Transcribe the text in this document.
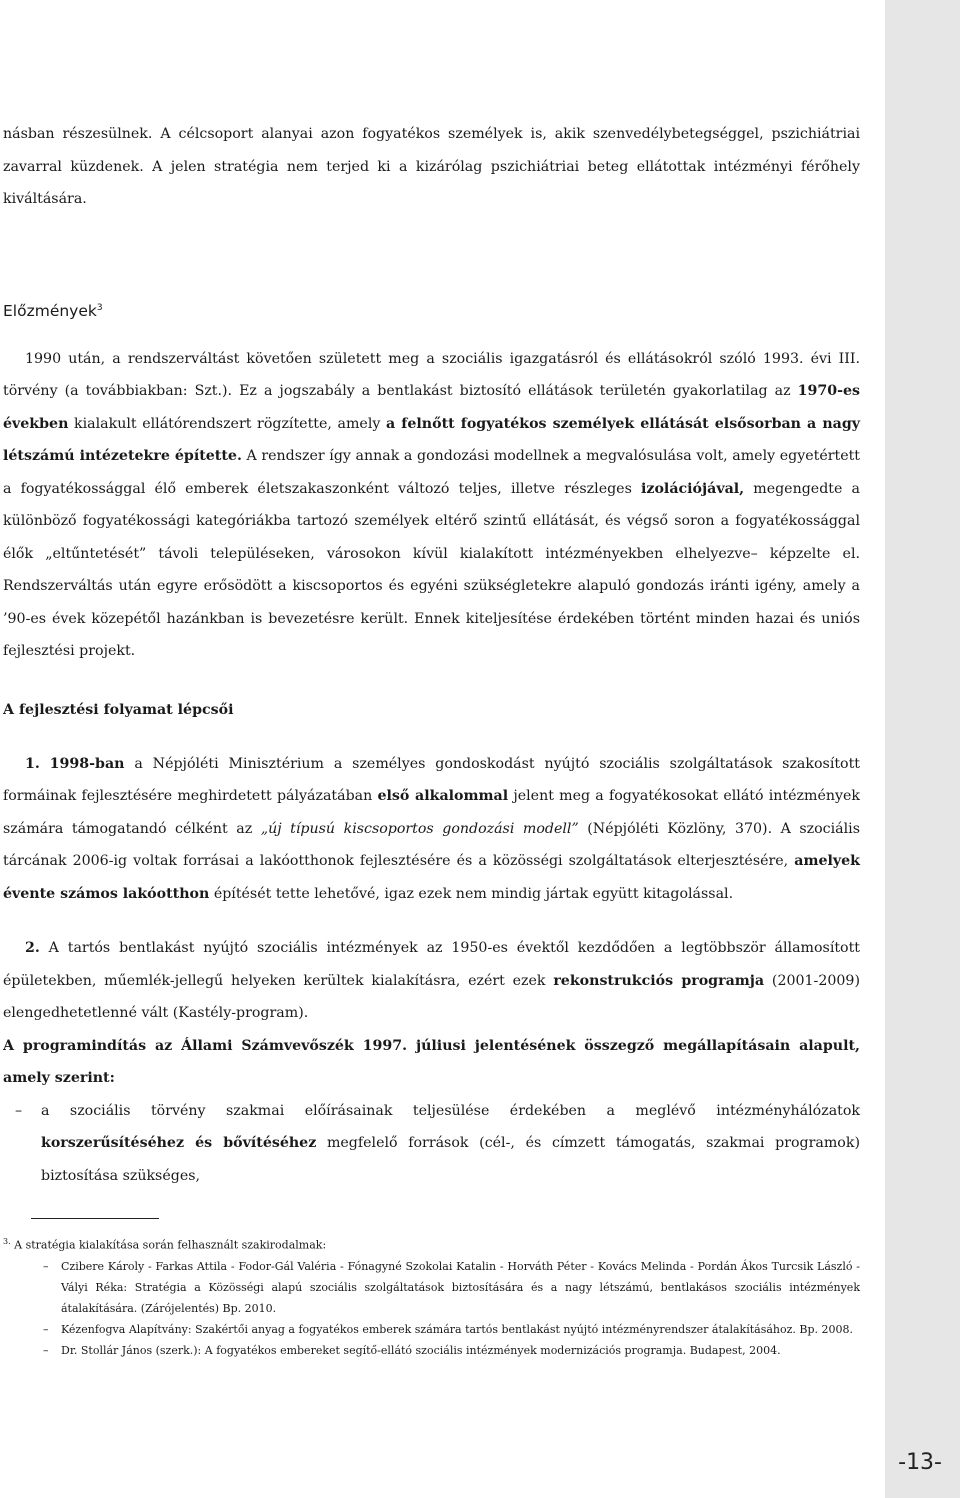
-13-

násban részesülnek. A célcsoport alanyai azon fogyatékos személyek is, akik szenvedélybetegséggel, pszichiátriai zavarral küzdenek. A jelen stratégia nem terjed ki a kizárólag pszichiátriai beteg ellátottak intézményi férőhely kiváltására.

Előzmények$^3$

1990 után, a rendszerváltást követően született meg a szociális igazgatásról és ellátásokról szóló 1993. évi III. törvény (a továbbiakban: Szt.). Ez a jogszabály a bentlakást biztosító ellátások területén gyakorlatilag az 1970-es években kialakult ellátórendszert rögzítette, amely a felnőtt fogyatékos személyek ellátását elsősorban a nagy létszámú intézetekre építette. A rendszer így annak a gondozási modellnek a megvalósulása volt, amely egyetértett a fogyatékossággal élő emberek életszakaszonként változó teljes, illetve részleges izolációjával, megengedte a különböző fogyatékossági kategóriákba tartozó személyek eltérő szintű ellátását, és végső soron a fogyatékossággal élők „eltűntetését” távoli településeken, városokon kívül kialakított intézményekben elhelyezve– képzelte el. Rendszerváltás után egyre erősödött a kiscsoportos és egyéni szükségletekre alapuló gondozás iránti igény, amely a ’90-es évek közepétől hazánkban is bevezetésre került. Ennek kiteljesítése érdekében történt minden hazai és uniós fejlesztési projekt.

A fejlesztési folyamat lépcsői

1. 1998-ban a Népjóléti Minisztérium a személyes gondoskodást nyújtó szociális szolgáltatások szakosított formáinak fejlesztésére meghirdetett pályázatában első alkalommal jelent meg a fogyatékosokat ellátó intézmények számára támogatandó célként az „új típusú kiscsoportos gondozási modell” (Népjóléti Közlöny, 370). A szociális tárcának 2006-ig voltak forrásai a lakóotthonok fejlesztésére és a közösségi szolgáltatások elterjesztésére, amelyek évente számos lakóotthon építését tette lehetővé, igaz ezek nem mindig jártak együtt kitagolással.

2. A tartós bentlakást nyújtó szociális intézmények az 1950-es évektől kezdődően a legtöbbször államosított épületekben, műemlék-jellegű helyeken kerültek kialakításra, ezért ezek rekonstrukciós programja (2001-2009) elengedhetetlenné vált (Kastély-program).

A programindítás az Állami Számvevőszék 1997. júliusi jelentésének összegző megállapításain alapult, amely szerint:

– a szociális törvény szakmai előírásainak teljesülése érdekében a meglévő intézményhálózatok korszerűsítéséhez és bővítéséhez megfelelő források (cél-, és címzett támogatás, szakmai programok) biztosítása szükséges,
$^{3.}$ A stratégia kialakítása során felhasznált szakirodalmak:
– Czibere Károly - Farkas Attila - Fodor-Gál Valéria - Fónagyné Szokolai Katalin - Horváth Péter - Kovács Melinda - Pordán Ákos Turcsik László - Vályi Réka: Stratégia a Közösségi alapú szociális szolgáltatások biztosítására és a nagy létszámú, bentlakásos szociális intézmények átalakítására. (Zárójelentés) Bp. 2010.
– Kézenfogva Alapítvány: Szakértői anyag a fogyatékos emberek számára tartós bentlakást nyújtó intézményrendszer átalakításához. Bp. 2008.
– Dr. Stollár János (szerk.): A fogyatékos embereket segítő-ellátó szociális intézmények modernizációs programja. Budapest, 2004.
